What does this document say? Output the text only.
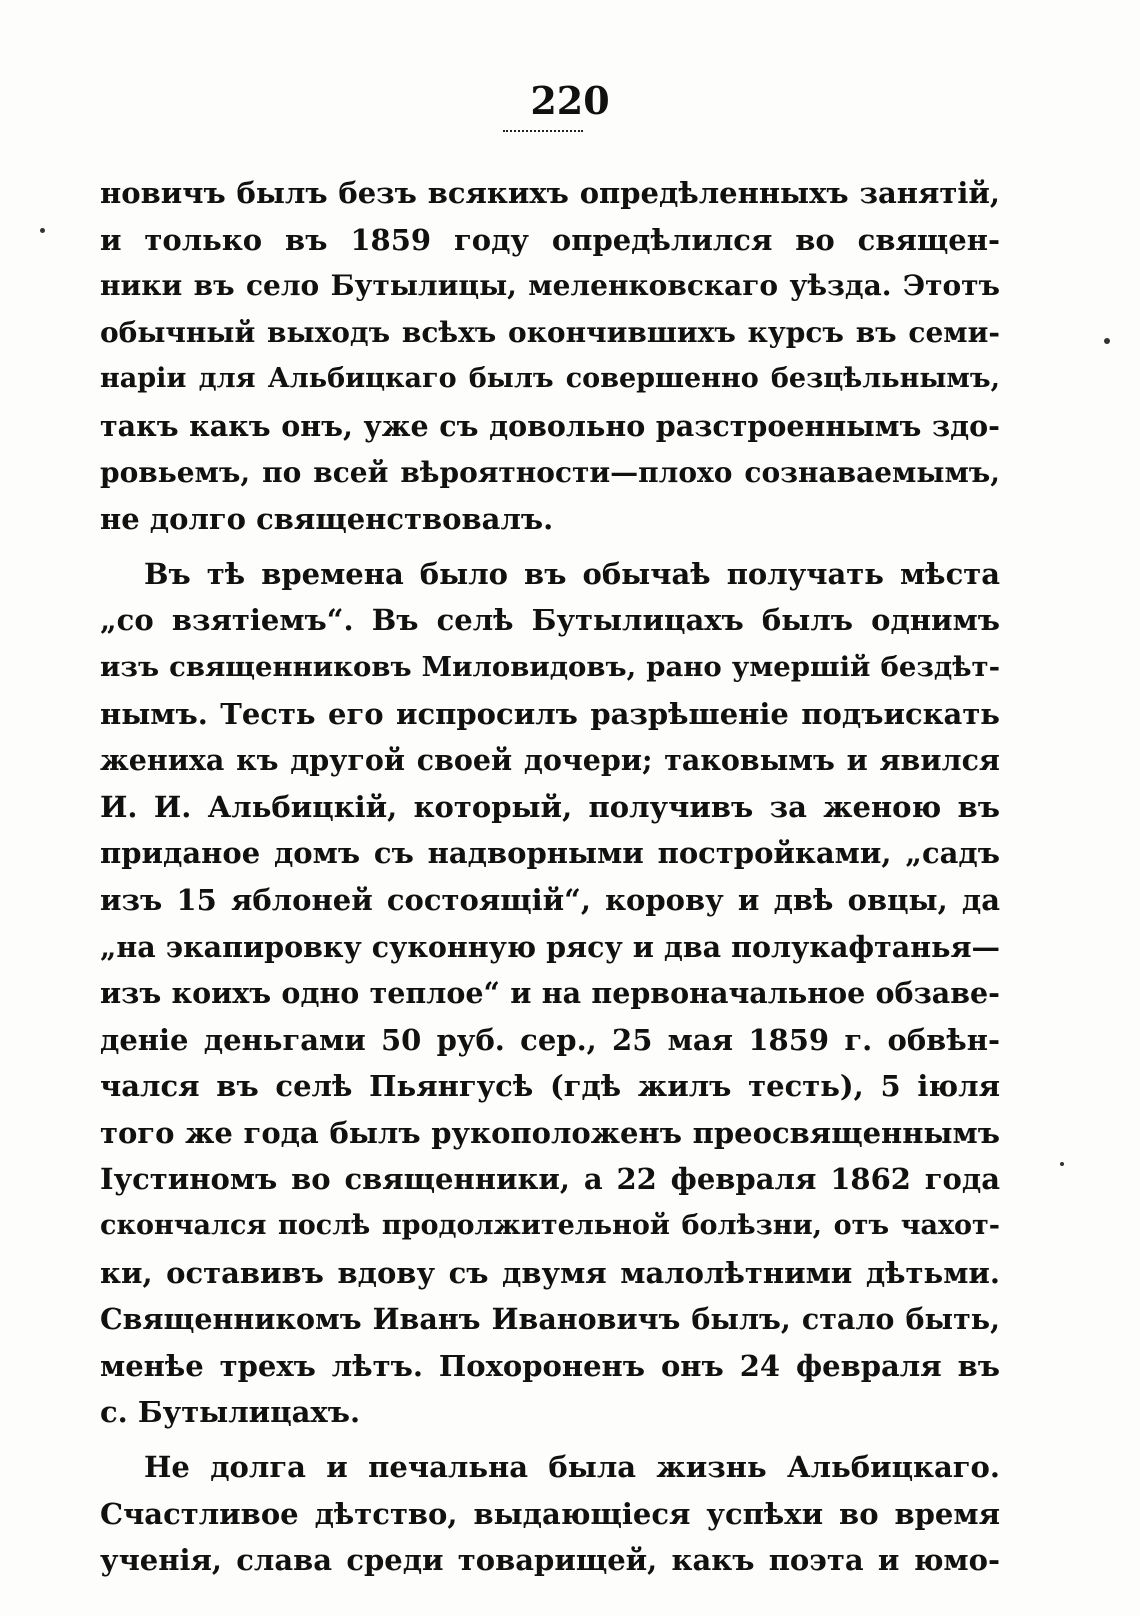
220
новичъ былъ безъ всякихъ опредѣленныхъ занятій,
и только въ 1859 году опредѣлился во священ-
ники въ село Бутылицы, меленковскаго уѣзда. Этотъ
обычный выходъ всѣхъ окончившихъ курсъ въ семи-
наріи для Альбицкаго былъ совершенно безцѣльнымъ,
такъ какъ онъ, уже съ довольно разстроеннымъ здо-
ровьемъ, по всей вѣроятности—плохо сознаваемымъ,
не долго священствовалъ.
Въ тѣ времена было въ обычаѣ получать мѣста
„со взятіемъ“. Въ селѣ Бутылицахъ былъ однимъ
изъ священниковъ Миловидовъ, рано умершій бездѣт-
нымъ. Тесть его испросилъ разрѣшеніе подъискать
жениха къ другой своей дочери; таковымъ и явился
И. И. Альбицкій, который, получивъ за женою въ
приданое домъ съ надворными постройками, „садъ
изъ 15 яблоней состоящій“, корову и двѣ овцы, да
„на экапировку суконную рясу и два полукафтанья—
изъ коихъ одно теплое“ и на первоначальное обзаве-
деніе деньгами 50 руб. сер., 25 мая 1859 г. обвѣн-
чался въ селѣ Пьянгусѣ (гдѣ жилъ тесть), 5 іюля
того же года былъ рукоположенъ преосвященнымъ
Іустиномъ во священники, а 22 февраля 1862 года
скончался послѣ продолжительной болѣзни, отъ чахот-
ки, оставивъ вдову съ двумя малолѣтними дѣтьми.
Священникомъ Иванъ Ивановичъ былъ, стало быть,
менѣе трехъ лѣтъ. Похороненъ онъ 24 февраля въ
с. Бутылицахъ.
Не долга и печальна была жизнь Альбицкаго.
Счастливое дѣтство, выдающіеся успѣхи во время
ученія, слава среди товарищей, какъ поэта и юмо-
